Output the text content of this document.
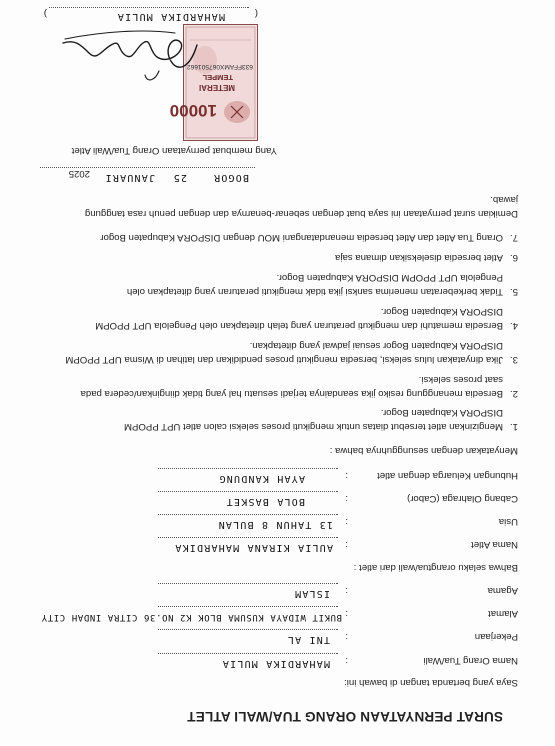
SURAT PERNYATAAN ORANG TUA/WALI ATLET
Saya yang bertanda tangan di bawah ini:
Nama Orang Tua/Wali
:
MAHARDIKA MULIA
Pekerjaan
:
TNI AL
Alamat
:
BUKIT WIDAYA KUSUMA BLOK K2 NO.36 CITRA INDAH CITY
Agama
:
ISLAM
Bahwa selaku orangtua/wali dari atlet :
Nama Atlet
:
AULIA KIRANA MAHARDIKA
Usia
:
13 TAHUN 8 BULAN
Cabang Olahraga (Cabor)
:
BOLA BASKET
Hubungan Keluarga dengan atlet
:
AYAH KANDUNG
Menyatakan dengan sesungguhnya bahwa :
1.
Mengizinkan atlet tersebut diatas untuk mengikuti proses seleksi calon atlet UPT PPOPM
DISPORA Kabupaten Bogor.
2.
Bersedia menanggung resiko jika seandainya terjadi sesuatu hal yang tidak diinginkan/cedera pada
saat proses seleksi.
3.
Jika dinyatakan lulus seleksi, bersedia mengikuti proses pendidikan dan latihan di Wisma UPT PPOPM
DISPORA Kabupaten Bogor sesuai jadwal yang ditetapkan.
4.
Bersedia mematuhi dan mengikuti peraturan yang telah ditetapkan oleh Pengelola UPT PPOPM
DISPORA Kabupaten Bogor.
5.
Tidak berkeberatan menerima sanksi jika tidak mengikuti peraturan yang ditetapkan oleh
Pengelola UPT PPOPM DISPORA Kabupaten Bogor.
6.
Atlet bersedia diseleksikan dimana saja
7.
Orang Tua Atlet dan Atlet bersedia menandatangani MOU dengan DISPORA Kabupaten Bogor
Demikian surat pernyataan ini saya buat dengan sebenar-benarnya dan dengan penuh rasa tanggung
jawab.
BOGOR
25
JANUARI
2025
Yang membuat pernyataan Orang Tua/Wali Atlet
10000
METERAI
TEMPEL
633FFAMX067501662
(
MAHARDIKA MULIA
)
